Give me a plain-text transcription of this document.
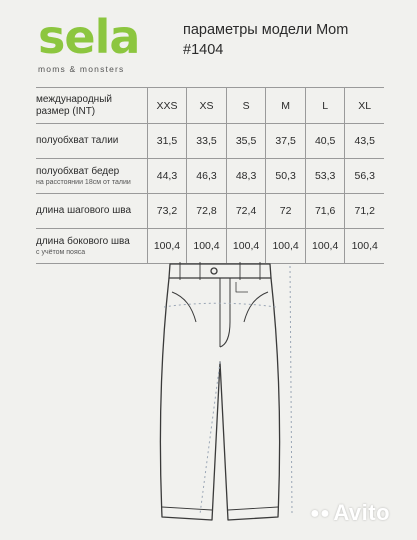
sela
moms & monsters
параметры модели Mom
#1404
международный размер (INT)	XXS	XS	S	M	L	XL

полуобхват талии	31,5	33,5	35,5	37,5	40,5	43,5

полуобхват бедер
на расстоянии 18см от талии	44,3	46,3	48,3	50,3	53,3	56,3

длина шагового шва	73,2	72,8	72,4	72	71,6	71,2

длина бокового шва
с учётом пояса	100,4	100,4	100,4	100,4	100,4	100,4
●● Avito
